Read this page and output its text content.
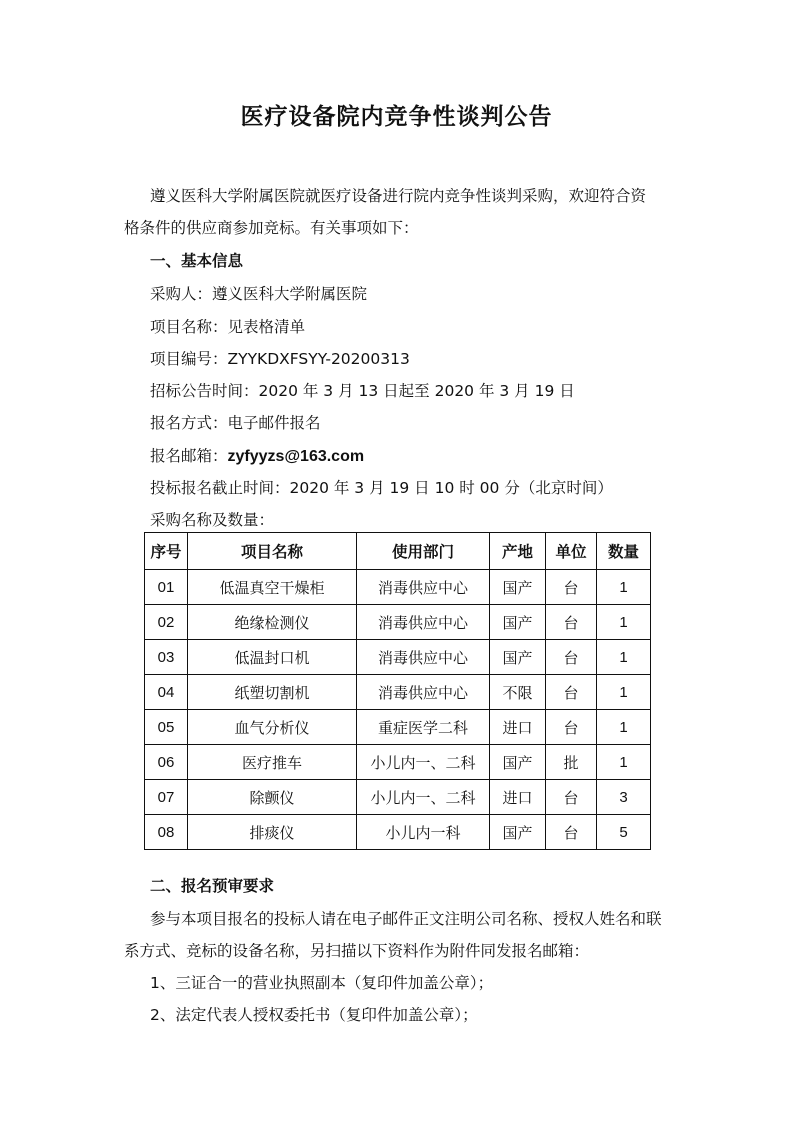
医疗设备院内竞争性谈判公告
遵义医科大学附属医院就医疗设备进行院内竞争性谈判采购，欢迎符合资
格条件的供应商参加竞标。有关事项如下：
一、基本信息
采购人：遵义医科大学附属医院
项目名称：见表格清单
项目编号：ZYYKDXFSYY-20200313
招标公告时间：2020 年 3 月 13 日起至 2020 年 3 月 19 日
报名方式：电子邮件报名
报名邮箱：zyfyyzs@163.com
投标报名截止时间：2020 年 3 月 19 日 10 时 00 分（北京时间）
采购名称及数量：
序号	项目名称	使用部门	产地	单位	数量
01	低温真空干燥柜	消毒供应中心	国产	台	1
02	绝缘检测仪	消毒供应中心	国产	台	1
03	低温封口机	消毒供应中心	国产	台	1
04	纸塑切割机	消毒供应中心	不限	台	1
05	血气分析仪	重症医学二科	进口	台	1
06	医疗推车	小儿内一、二科	国产	批	1
07	除颤仪	小儿内一、二科	进口	台	3
08	排痰仪	小儿内一科	国产	台	5
二、报名预审要求
参与本项目报名的投标人请在电子邮件正文注明公司名称、授权人姓名和联
系方式、竞标的设备名称，另扫描以下资料作为附件同发报名邮箱：
1、三证合一的营业执照副本（复印件加盖公章）；
2、法定代表人授权委托书（复印件加盖公章）；
